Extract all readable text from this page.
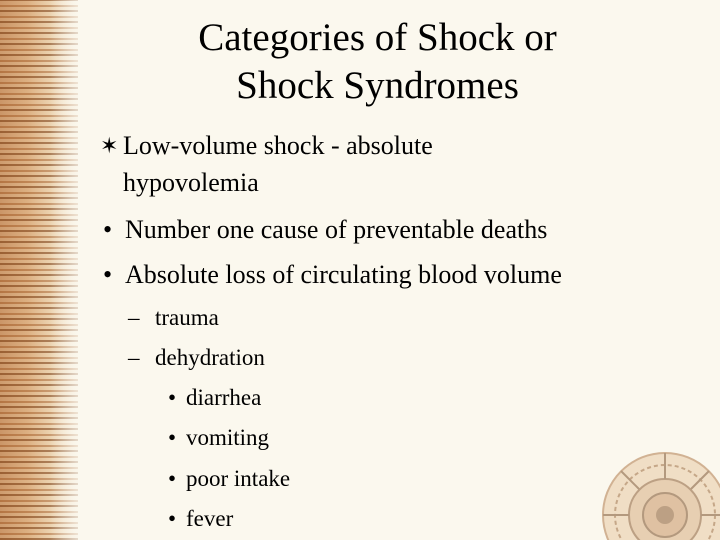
Categories of Shock or
Shock Syndromes
✶ Low-volume shock - absolute
hypovolemia
• Number one cause of preventable deaths
• Absolute loss of circulating blood volume
– trauma
– dehydration
• diarrhea
• vomiting
• poor intake
• fever
